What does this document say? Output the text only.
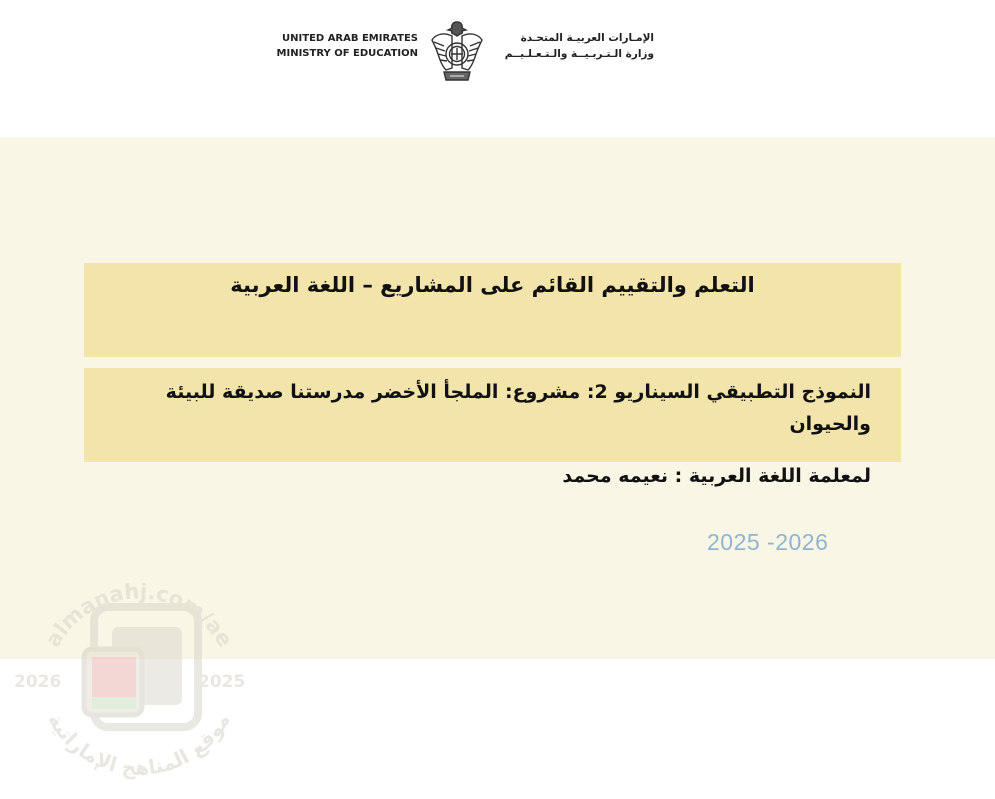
UNITED ARAB EMIRATES
MINISTRY OF EDUCATION
الإمـارات العربيـة المتحـدة
وزارة الـتـربـيــة والـتـعـلـيــم
almanahj.com/ae
2026	2025
موقع المناهج الإماراتية
التعلم والتقييم القائم على المشاريع – اللغة العربية
النموذج التطبيقي السيناريو 2: مشروع: الملجأ الأخضر مدرستنا صديقة للبيئة والحيوان
لمعلمة اللغة العربية : نعيمه محمد
2025 -2026
